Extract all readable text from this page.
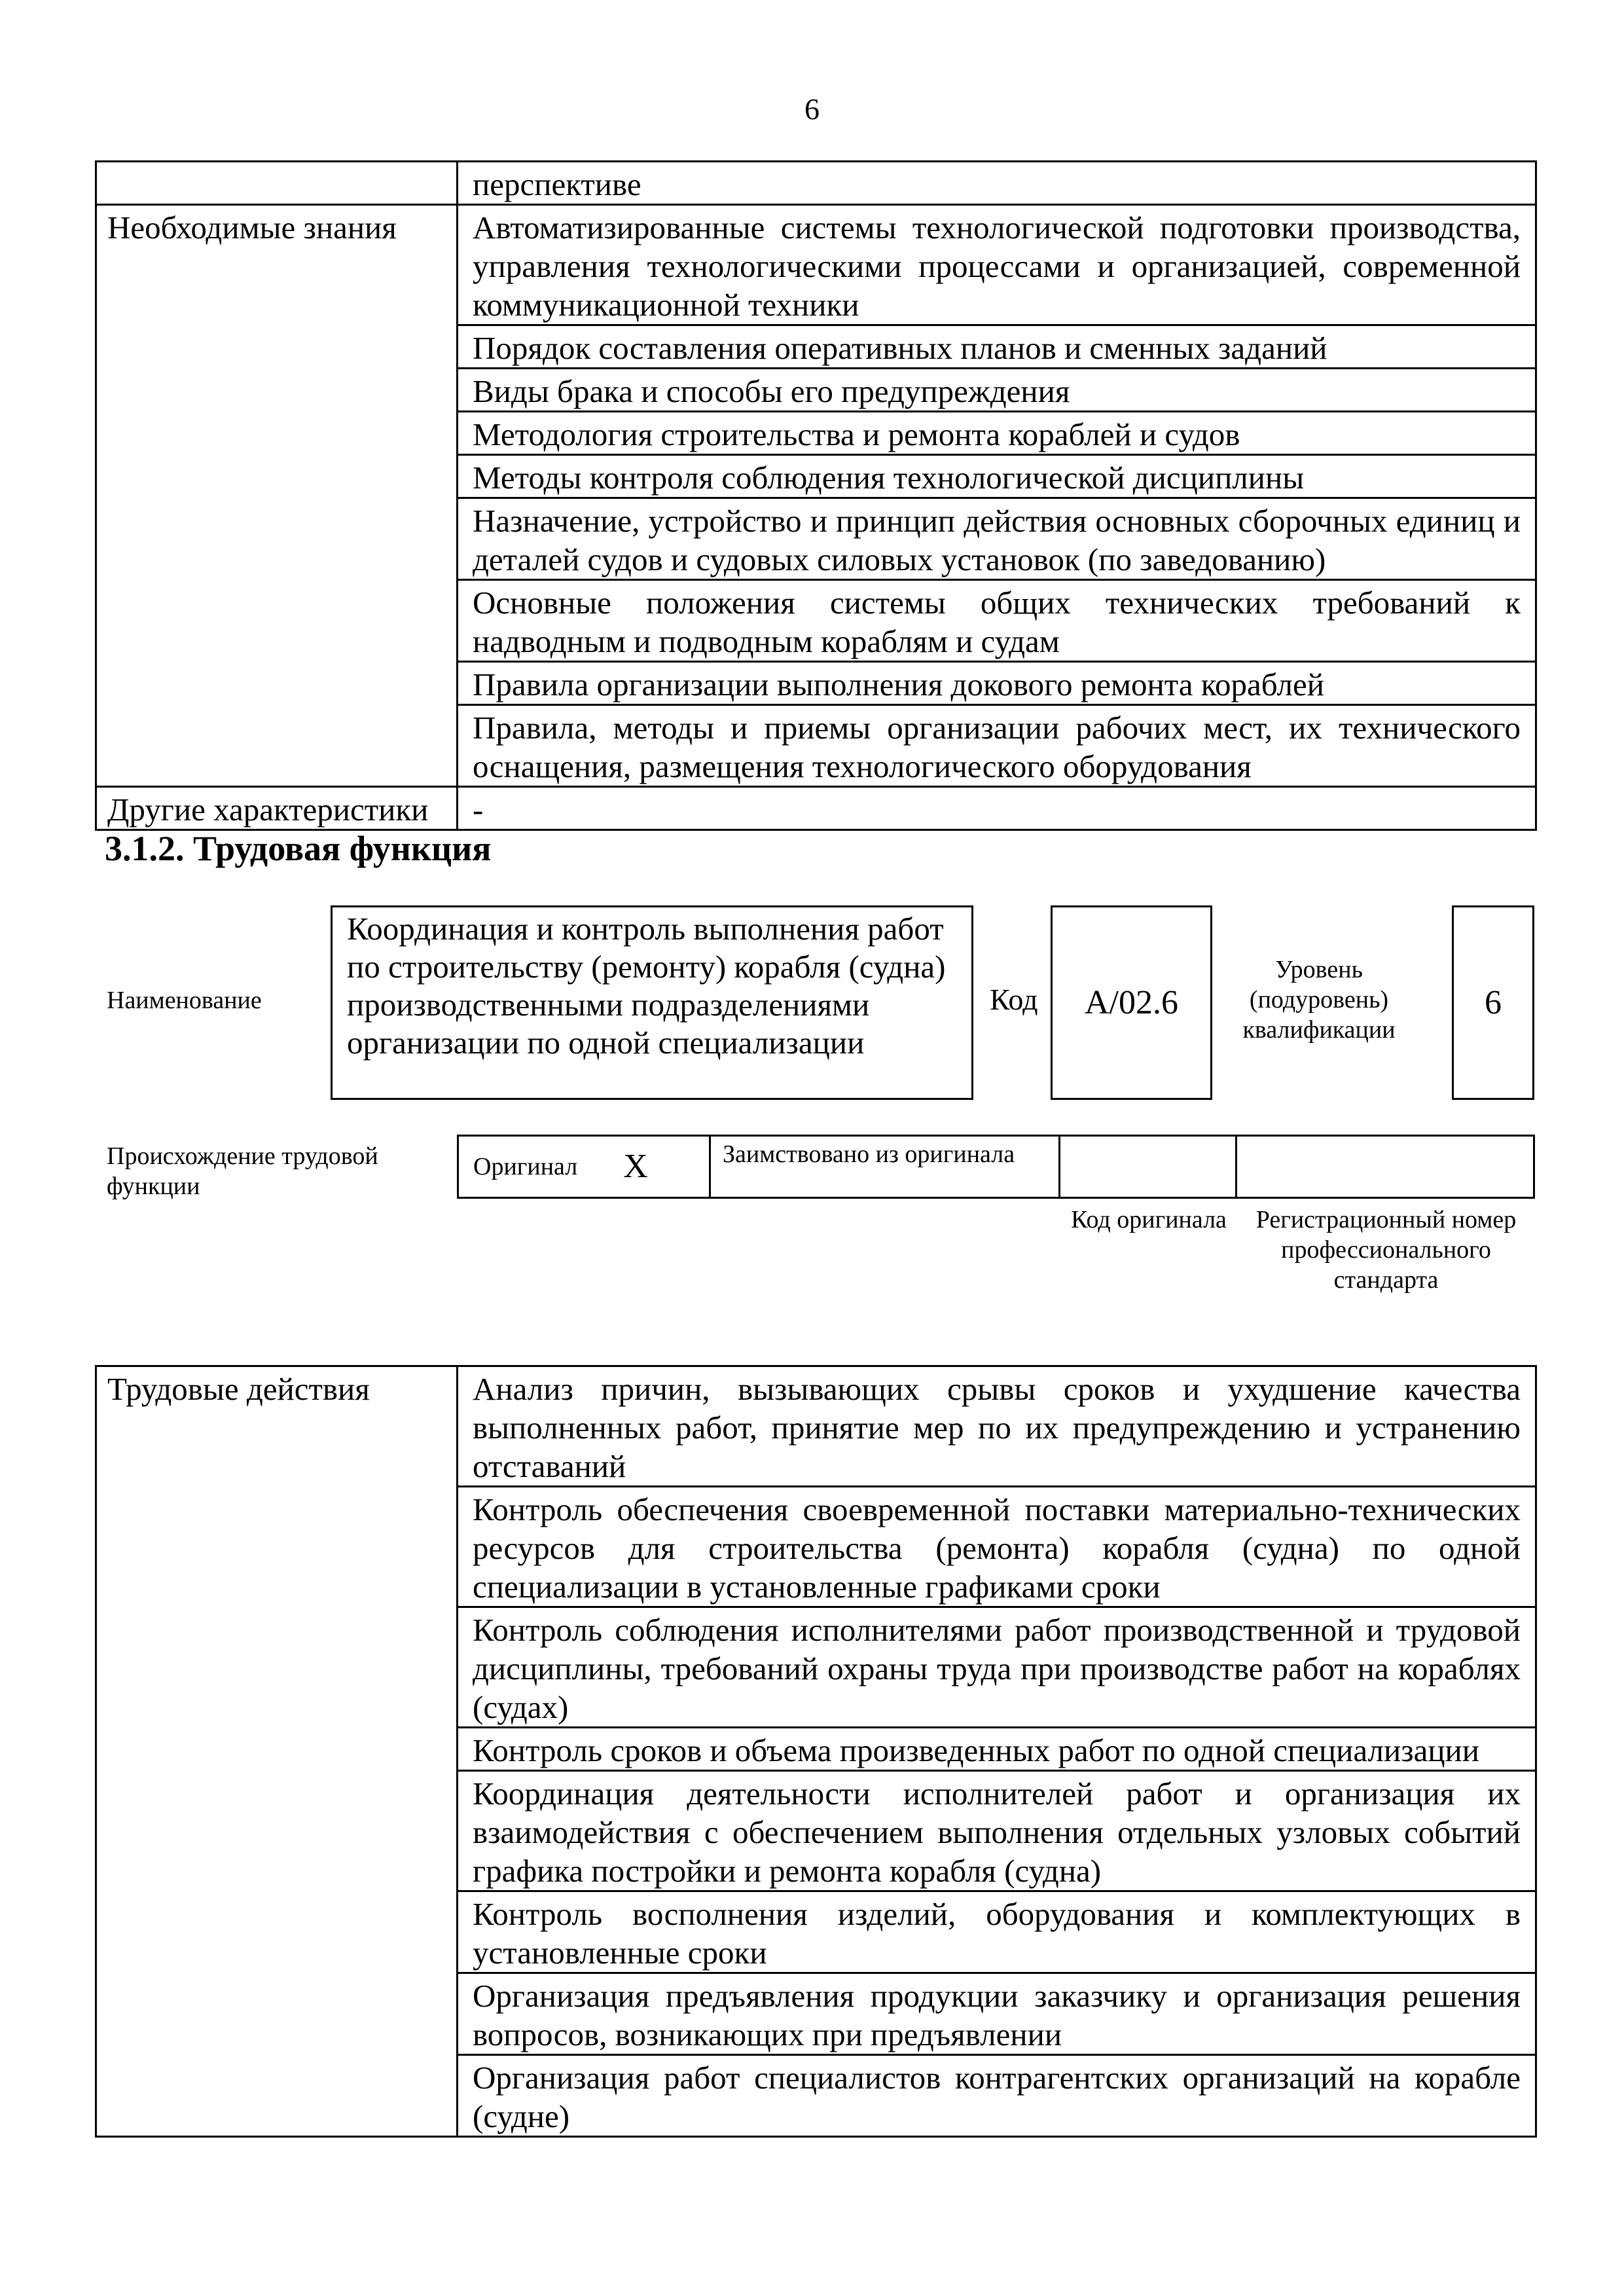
6
	перспективе
Необходимые знания	Автоматизированные системы технологической подготовки производства, управления технологическими процессами и организацией, современной коммуникационной техники
	Порядок составления оперативных планов и сменных заданий
	Виды брака и способы его предупреждения
	Методология строительства и ремонта кораблей и судов
	Методы контроля соблюдения технологической дисциплины
	Назначение, устройство и принцип действия основных сборочных единиц и деталей судов и судовых силовых установок (по заведованию)
	Основные положения системы общих технических требований к надводным и подводным кораблям и судам
	Правила организации выполнения докового ремонта кораблей
	Правила, методы и приемы организации рабочих мест, их технического оснащения, размещения технологического оборудования
Другие характеристики	-
3.1.2. Трудовая функция
Наименование
Координация и контроль выполнения работ по строительству (ремонту) корабля (судна) производственными подразделениями организации по одной специализации
Код	А/02.6
Уровень (подуровень) квалификации
6
Происхождение трудовой функции
Оригинал X	Заимствовано из оригинала
Код оригинала	Регистрационный номер профессионального стандарта
Трудовые действия	Анализ причин, вызывающих срывы сроков и ухудшение качества выполненных работ, принятие мер по их предупреждению и устранению отставаний
Контроль обеспечения своевременной поставки материально-технических ресурсов для строительства (ремонта) корабля (судна) по одной специализации в установленные графиками сроки
Контроль соблюдения исполнителями работ производственной и трудовой дисциплины, требований охраны труда при производстве работ на кораблях (судах)
Контроль сроков и объема произведенных работ по одной специализации
Координация деятельности исполнителей работ и организация их взаимодействия с обеспечением выполнения отдельных узловых событий графика постройки и ремонта корабля (судна)
Контроль восполнения изделий, оборудования и комплектующих в установленные сроки
Организация предъявления продукции заказчику и организация решения вопросов, возникающих при предъявлении
Организация работ специалистов контрагентских организаций на корабле (судне)
